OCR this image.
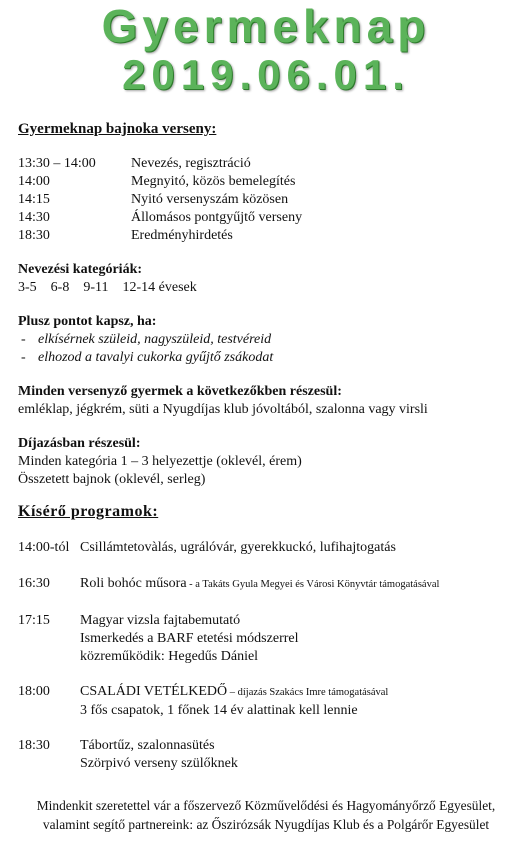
Gyermeknap
2019.06.01.

Gyermeknap bajnoka verseny:

13:30 – 14:00	Nevezés, regisztráció
14:00	Megnyitó, közös bemelegítés
14:15	Nyitó versenyszám közösen
14:30	Állomásos pontgyűjtő verseny
18:30	Eredményhirdetés

Nevezési kategóriák:

3-5 6-8 9-11 12-14 évesek

Plusz pontot kapsz, ha:

- elkísérnek szüleid, nagyszüleid, testvéreid

- elhozod a tavalyi cukorka gyűjtő zsákodat

Minden versenyző gyermek a következőkben részesül:

emléklap, jégkrém, süti a Nyugdíjas klub jóvoltából, szalonna vagy virsli

Díjazásban részesül:

Minden kategória 1 – 3 helyezettje (oklevél, érem)

Összetett bajnok (oklevél, serleg)

Kísérő programok:

14:00-tól Csillámtetovàlás, ugrálóvár, gyerekkuckó, lufihajtogatás
16:30	Roli bohóc műsora - a Takáts Gyula Megyei és Városi Könyvtár támogatásával
17:15	Magyar vizsla fajtabemutató

Ismerkedés a BARF etetési módszerrel

közreműködik: Hegedűs Dániel

18:00	CSALÁDI VETÉLKEDŐ – díjazás Szakács Imre támogatásával

3 fős csapatok, 1 főnek 14 év alattinak kell lennie

18:30	Tábortűz, szalonnasütés

Szörpivó verseny szülőknek

Mindenkit szeretettel vár a főszervező Közművelődési és Hagyományőrző Egyesület,

valamint segítő partnereink: az Őszirózsák Nyugdíjas Klub és a Polgárőr Egyesület
